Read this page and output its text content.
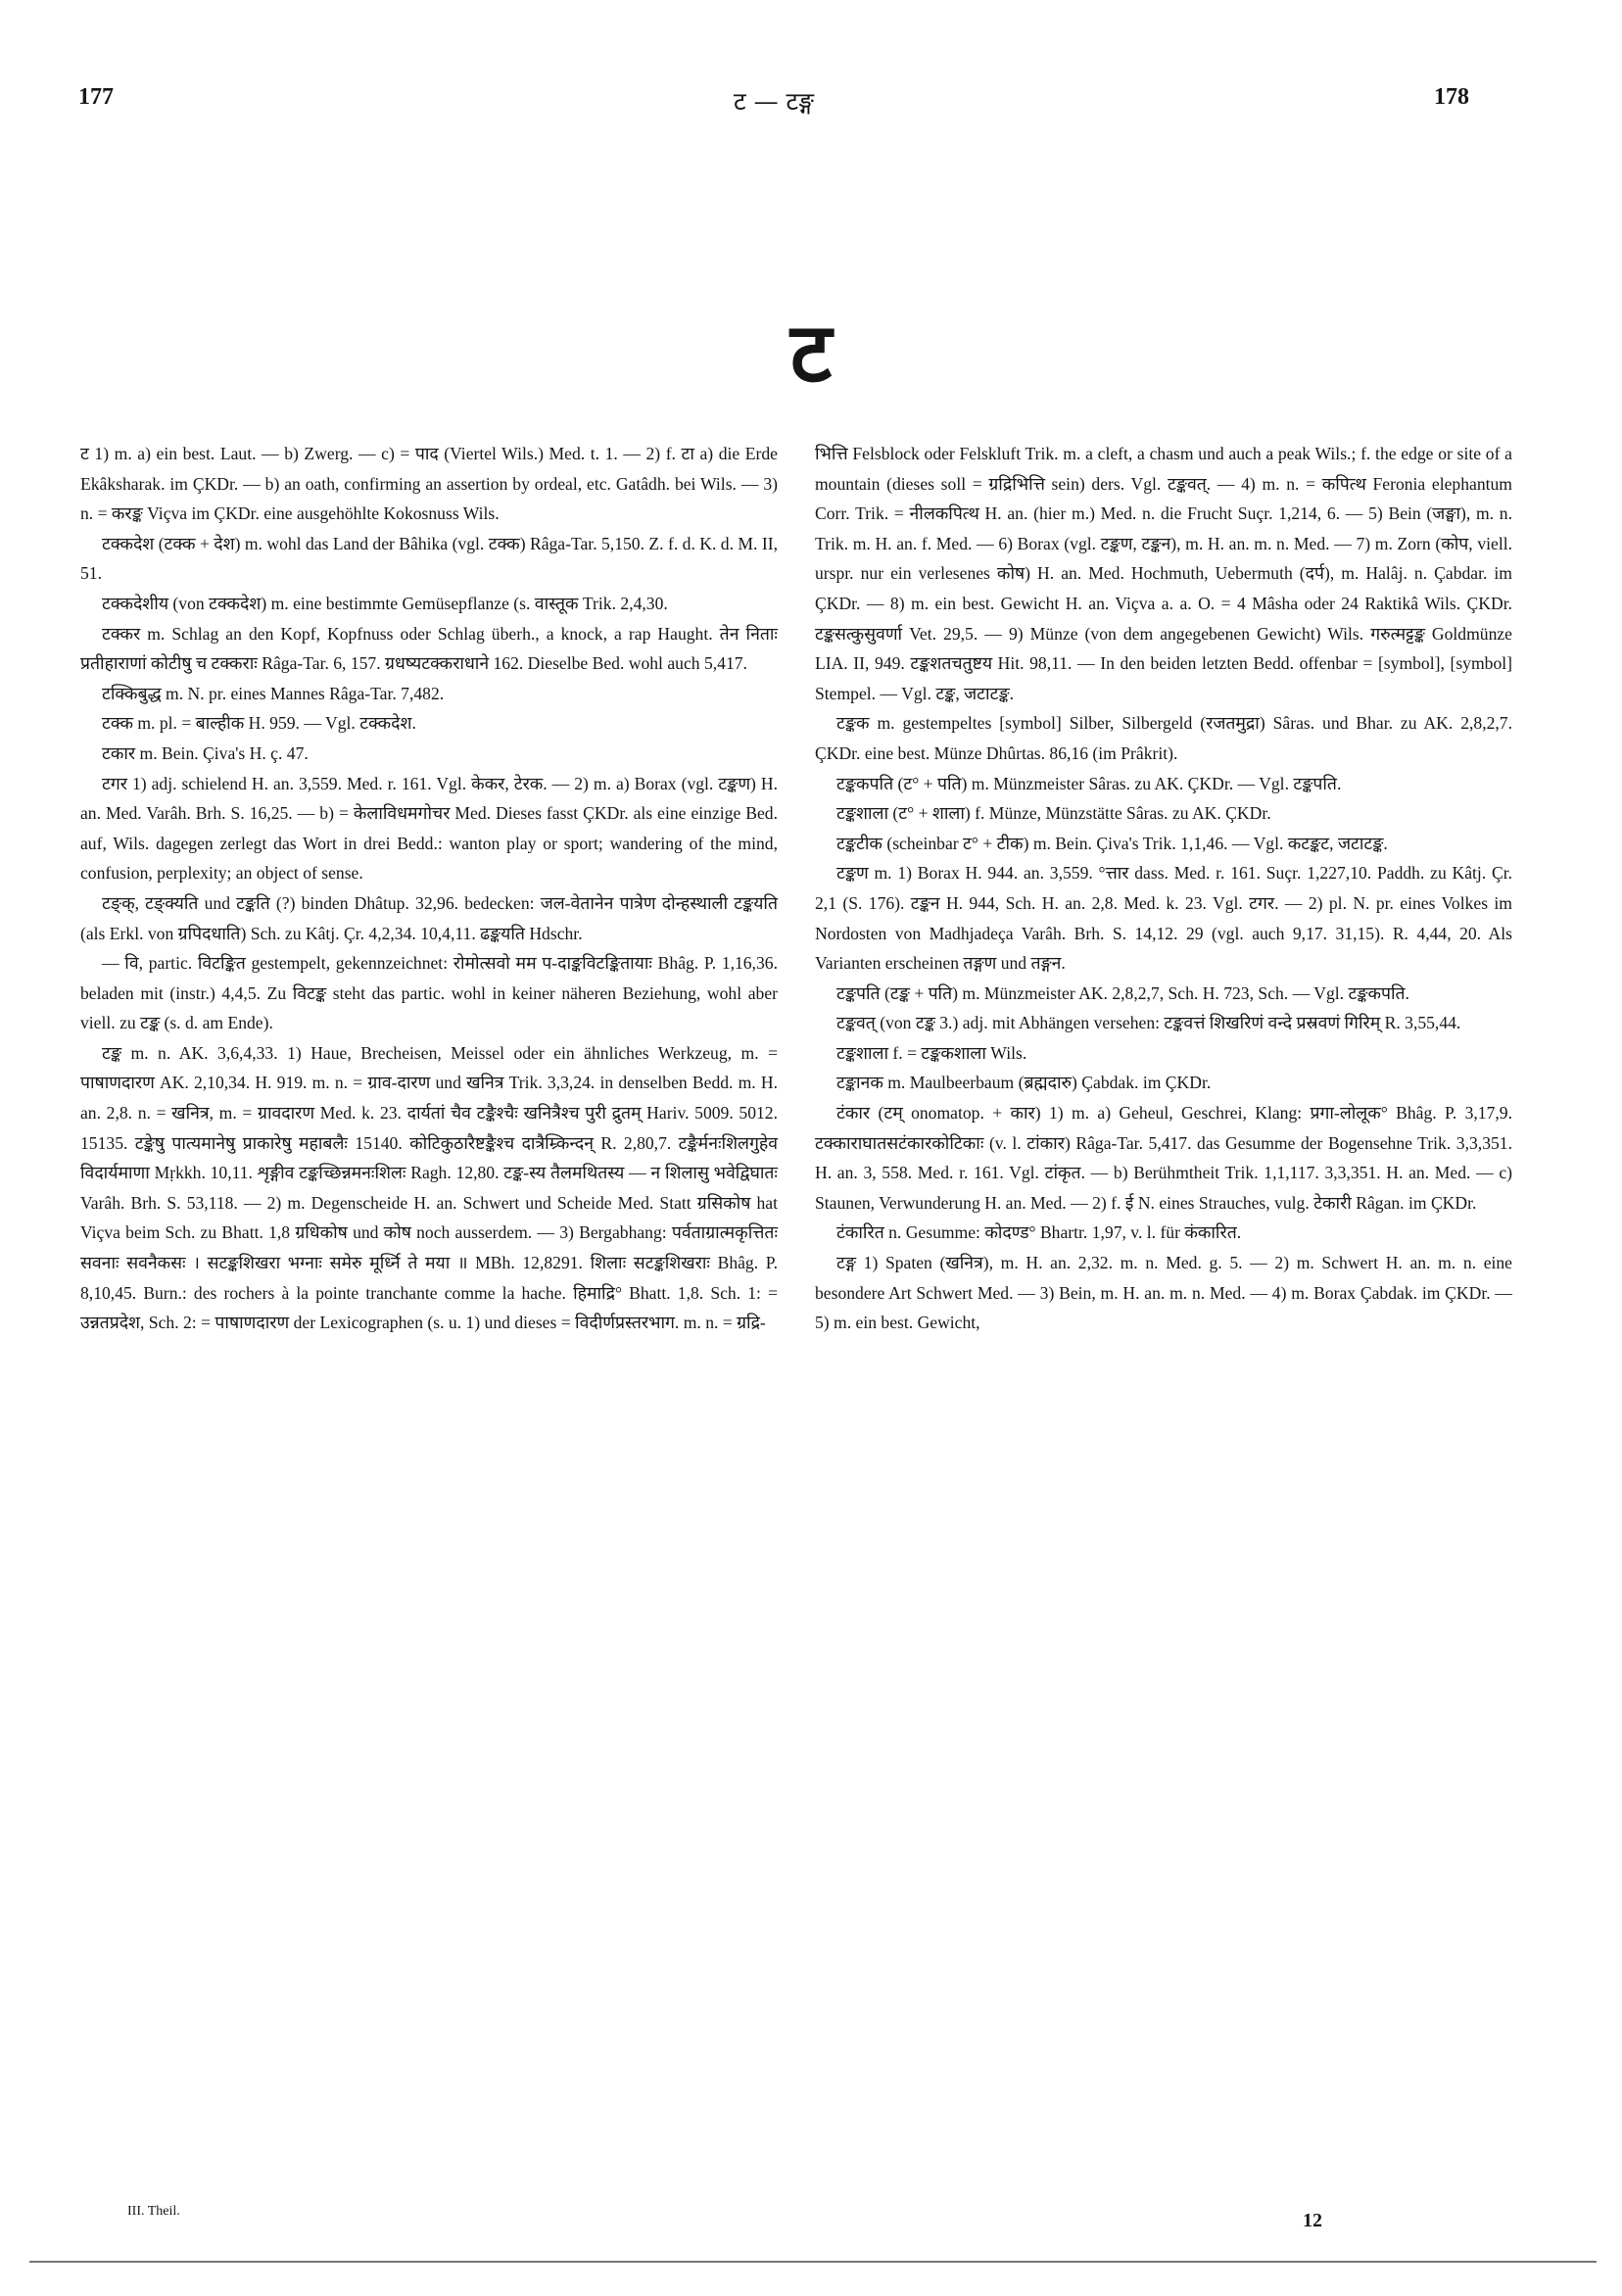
177	ट — टङ्ग	178
ट

ट 1) m. a) ein best. Laut. — b) Zwerg. — c) = पाद (Viertel Wils.) Med. t. 1. — 2) f. टा a) die Erde Ekâksharak. im ÇKDr. — b) an oath, confirming an assertion by ordeal, etc. Gatâdh. bei Wils. — 3) n. = करङ्क Viçva im ÇKDr. eine ausgehöhlte Kokosnuss Wils.

टक्कदेश (टक्क + देश) m. wohl das Land der Bâhika (vgl. टक्क) Râga-Tar. 5,150. Z. f. d. K. d. M. II, 51.

टक्कदेशीय (von टक्कदेश) m. eine bestimmte Gemüsepflanze (s. वास्तूक Trik. 2,4,30.

टक्कर m. Schlag an den Kopf, Kopfnuss oder Schlag überh., a knock, a rap Haught. तेन निताः प्रतीहाराणां कोटीषु च टक्कराः Râga-Tar. 6, 157. ग्रधष्यटक्कराधाने 162. Dieselbe Bed. wohl auch 5,417.

टक्किबुद्ध m. N. pr. eines Mannes Râga-Tar. 7,482.

टक्क m. pl. = बाल्हीक H. 959. — Vgl. टक्कदेश.

टकार m. Bein. Çiva's H. ç. 47.

टगर 1) adj. schielend H. an. 3,559. Med. r. 161. Vgl. केकर, टेरक. — 2) m. a) Borax (vgl. टङ्कण) H. an. Med. Varâh. Brh. S. 16,25. — b) = केलाविधमगोचर Med. Dieses fasst ÇKDr. als eine einzige Bed. auf, Wils. dagegen zerlegt das Wort in drei Bedd.: wanton play or sport; wandering of the mind, confusion, perplexity; an object of sense.

टङ्क्, टङ्क्यति und टङ्कति (?) binden Dhâtup. 32,96. bedecken: जल-वेतानेन पात्रेण दोन्हस्थाली टङ्कयति (als Erkl. von ग्रपिदधाति) Sch. zu Kâtj. Çr. 4,2,34. 10,4,11. ढङ्कयति Hdschr.

— वि, partic. विटङ्कित gestempelt, gekennzeichnet: रोमोत्सवो मम प-दाङ्कविटङ्कितायाः Bhâg. P. 1,16,36. beladen mit (instr.) 4,4,5. Zu विटङ्क steht das partic. wohl in keiner näheren Beziehung, wohl aber viell. zu टङ्क (s. d. am Ende).

टङ्क m. n. AK. 3,6,4,33. 1) Haue, Brecheisen, Meissel oder ein ähnliches Werkzeug, m. = पाषाणदारण AK. 2,10,34. H. 919. m. n. = ग्राव-दारण und खनित्र Trik. 3,3,24. in denselben Bedd. m. H. an. 2,8. n. = खनित्र, m. = ग्रावदारण Med. k. 23. दार्यतां चैव टङ्कैश्चैः खनित्रैश्च पुरी द्रुतम् Hariv. 5009. 5012. 15135. टङ्केषु पात्यमानेषु प्राकारेषु महाबलैः 15140. कोटिकुठारैष्टङ्कैश्च दात्रैम्र्किन्दन् R. 2,80,7. टङ्कैर्मनःशिलगुहेव विदार्यमाणा Mṛkkh. 10,11. शृङ्गीव टङ्कच्छिन्नमनःशिलः Ragh. 12,80. टङ्क-स्य तैलमथितस्य — न शिलासु भवेद्विघातः Varâh. Brh. S. 53,118. — 2) m. Degenscheide H. an. Schwert und Scheide Med. Statt ग्रसिकोष hat Viçva beim Sch. zu Bhatt. 1,8 ग्रधिकोष und कोष noch ausserdem. — 3) Bergabhang: पर्वताग्रात्मकृत्तितः सवनाः सवनैकसः । सटङ्कशिखरा भग्नाः समेरु मूर्ध्नि ते मया ॥ MBh. 12,8291. शिलाः सटङ्कशिखराः Bhâg. P. 8,10,45. Burn.: des rochers à la pointe tranchante comme la hache. हिमाद्रि° Bhatt. 1,8. Sch. 1: = उन्नतप्रदेश, Sch. 2: = पाषाणदारण der Lexicographen (s. u. 1) und dieses = विदीर्णप्रस्तरभाग. m. n. = ग्रद्रि-

भित्ति Felsblock oder Felskluft Trik. m. a cleft, a chasm und auch a peak Wils.; f. the edge or site of a mountain (dieses soll = ग्रद्रिभित्ति sein) ders. Vgl. टङ्कवत्. — 4) m. n. = कपित्थ Feronia elephantum Corr. Trik. = नीलकपित्थ H. an. (hier m.) Med. n. die Frucht Suçr. 1,214, 6. — 5) Bein (जङ्घा), m. n. Trik. m. H. an. f. Med. — 6) Borax (vgl. टङ्कण, टङ्कन), m. H. an. m. n. Med. — 7) m. Zorn (कोप, viell. urspr. nur ein verlesenes कोष) H. an. Med. Hochmuth, Uebermuth (दर्प), m. Halâj. n. Çabdar. im ÇKDr. — 8) m. ein best. Gewicht H. an. Viçva a. a. O. = 4 Mâsha oder 24 Raktikâ Wils. ÇKDr. टङ्कसत्कुसुवर्णा Vet. 29,5. — 9) Münze (von dem angegebenen Gewicht) Wils. गरुत्मट्टङ्क Goldmünze LIA. II, 949. टङ्कशतचतुष्टय Hit. 98,11. — In den beiden letzten Bedd. offenbar = [symbol], [symbol] Stempel. — Vgl. टङ्क, जटाटङ्क.

टङ्कक m. gestempeltes [symbol] Silber, Silbergeld (रजतमुद्रा) Sâras. und Bhar. zu AK. 2,8,2,7. ÇKDr. eine best. Münze Dhûrtas. 86,16 (im Prâkrit).

टङ्ककपति (ट° + पति) m. Münzmeister Sâras. zu AK. ÇKDr. — Vgl. टङ्कपति.

टङ्कशाला (ट° + शाला) f. Münze, Münzstätte Sâras. zu AK. ÇKDr.

टङ्कटीक (scheinbar ट° + टीक) m. Bein. Çiva's Trik. 1,1,46. — Vgl. कटङ्कट, जटाटङ्क.

टङ्कण m. 1) Borax H. 944. an. 3,559. °त्तार dass. Med. r. 161. Suçr. 1,227,10. Paddh. zu Kâtj. Çr. 2,1 (S. 176). टङ्कन H. 944, Sch. H. an. 2,8. Med. k. 23. Vgl. टगर. — 2) pl. N. pr. eines Volkes im Nordosten von Madhjadeça Varâh. Brh. S. 14,12. 29 (vgl. auch 9,17. 31,15). R. 4,44, 20. Als Varianten erscheinen तङ्गण und तङ्गन.

टङ्कपति (टङ्क + पति) m. Münzmeister AK. 2,8,2,7, Sch. H. 723, Sch. — Vgl. टङ्ककपति.

टङ्कवत् (von टङ्क 3.) adj. mit Abhängen versehen: टङ्कवत्तं शिखरिणं वन्दे प्रस्रवणं गिरिम् R. 3,55,44.

टङ्कशाला f. = टङ्ककशाला Wils.

टङ्कानक m. Maulbeerbaum (ब्रह्मदारु) Çabdak. im ÇKDr.

टंकार (टम् onomatop. + कार) 1) m. a) Geheul, Geschrei, Klang: प्रगा-लोलूक° Bhâg. P. 3,17,9. टक्काराघातसटंकारकोटिकाः (v. l. टांकार) Râga-Tar. 5,417. das Gesumme der Bogensehne Trik. 3,3,351. H. an. 3, 558. Med. r. 161. Vgl. टांकृत. — b) Berühmtheit Trik. 1,1,117. 3,3,351. H. an. Med. — c) Staunen, Verwunderung H. an. Med. — 2) f. ई N. eines Strauches, vulg. टेकारी Râgan. im ÇKDr.

टंकारित n. Gesumme: कोदण्ड° Bhartr. 1,97, v. l. für कंकारित.

टङ्ग 1) Spaten (खनित्र), m. H. an. 2,32. m. n. Med. g. 5. — 2) m. Schwert H. an. m. n. eine besondere Art Schwert Med. — 3) Bein, m. H. an. m. n. Med. — 4) m. Borax Çabdak. im ÇKDr. — 5) m. ein best. Gewicht,

III. Theil.	12
